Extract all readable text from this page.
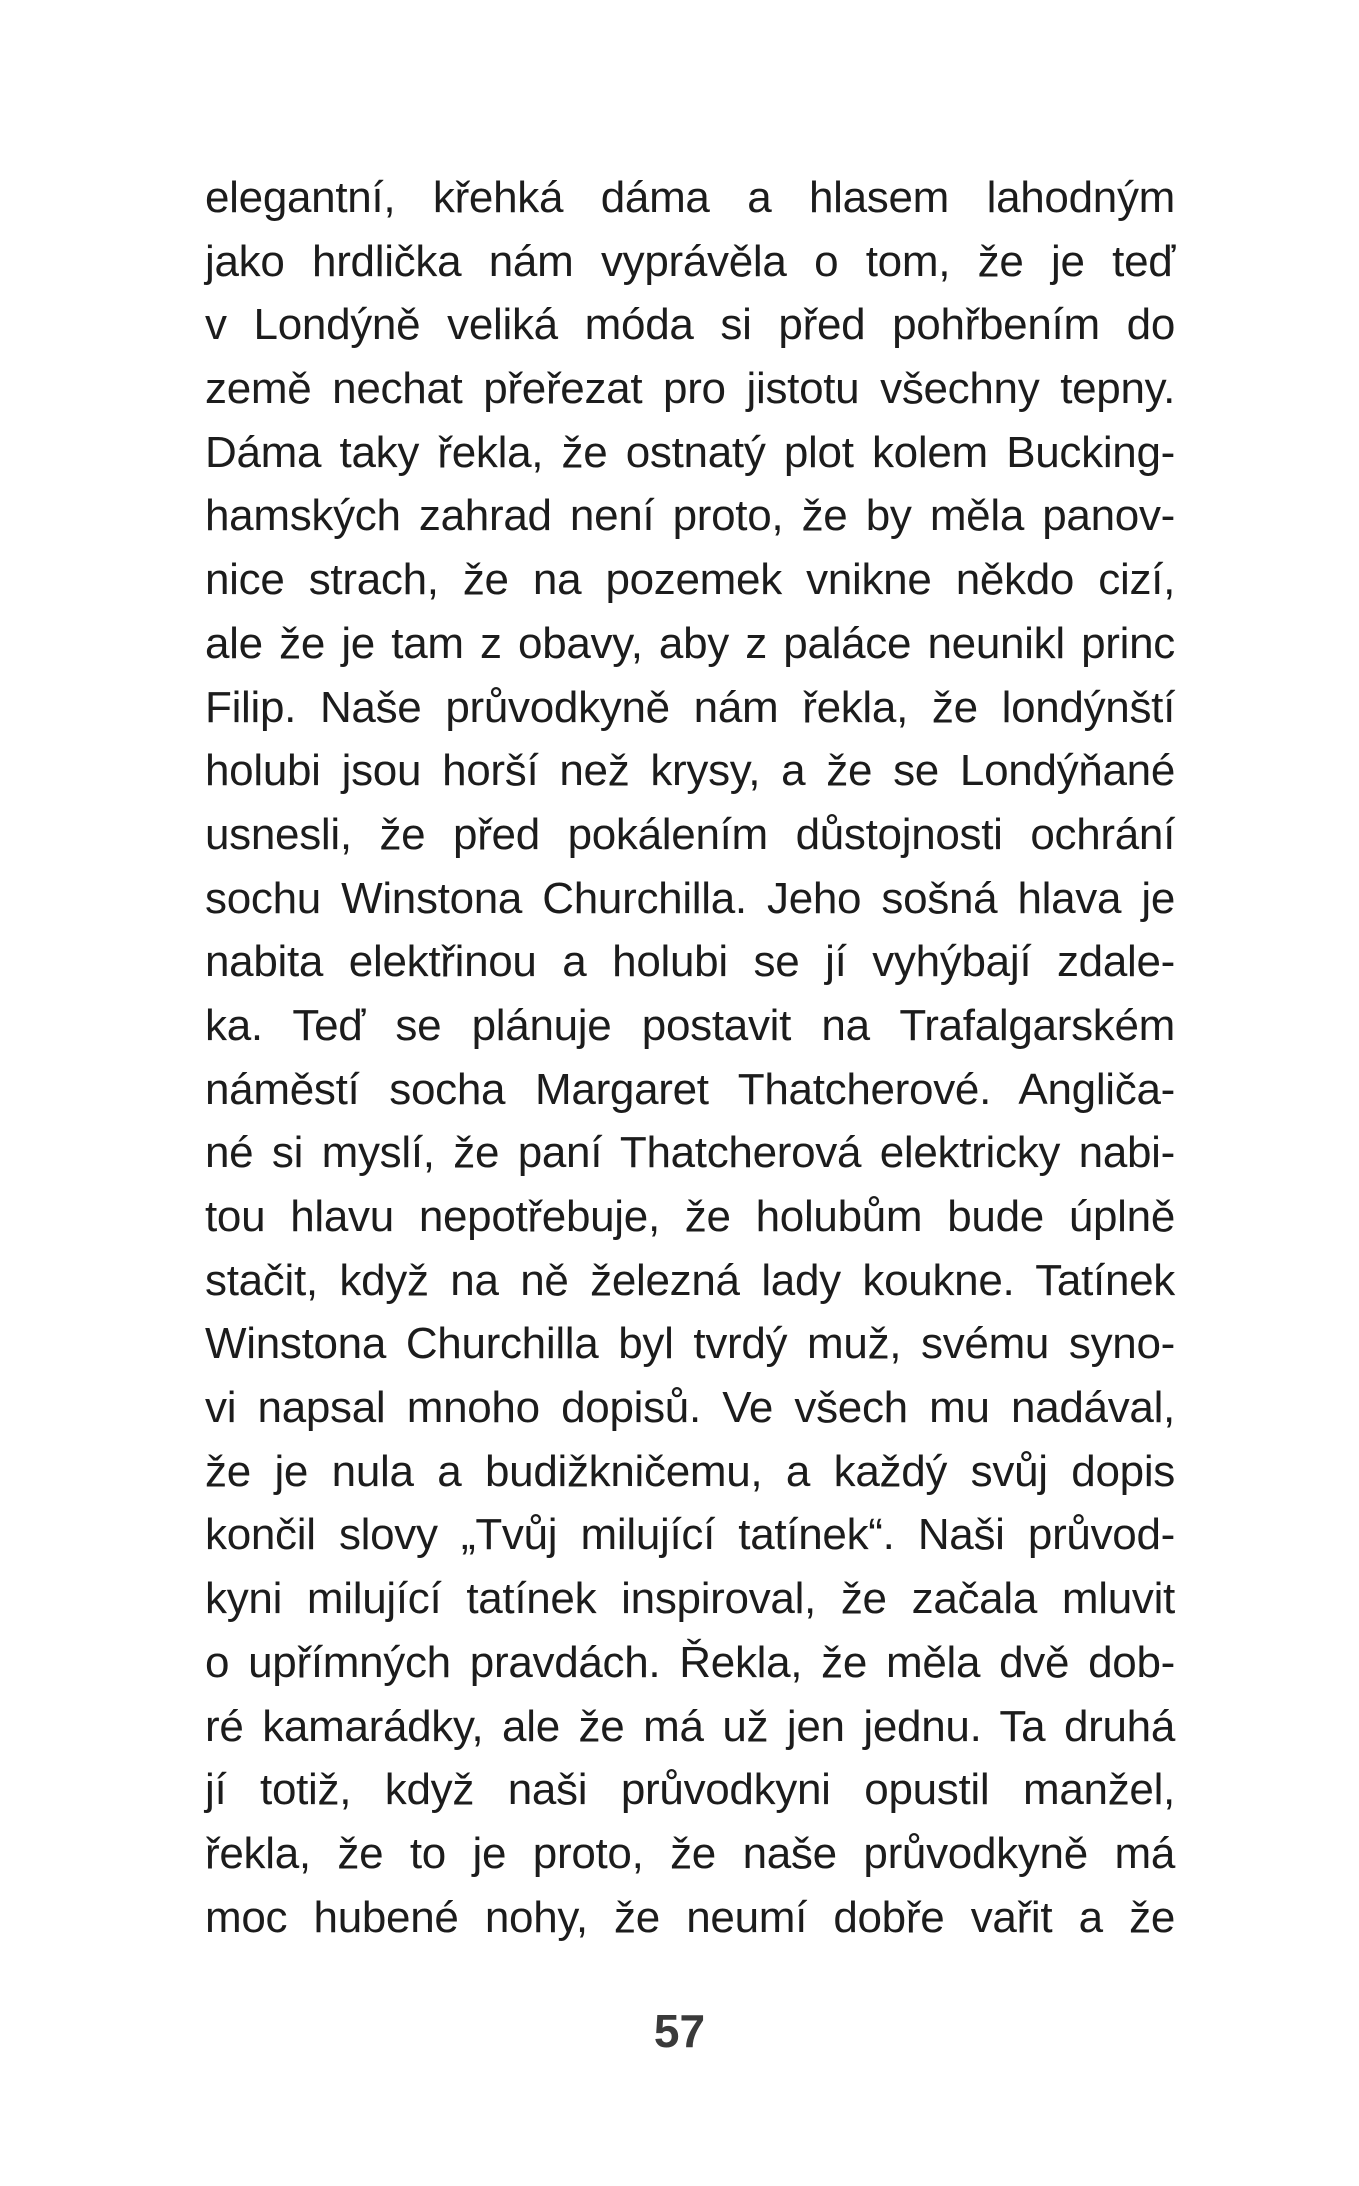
elegantní, křehká dáma a hlasem lahodným
jako hrdlička nám vyprávěla o tom, že je teď
v Londýně veliká móda si před pohřbením do
země nechat přeřezat pro jistotu všechny tepny.
Dáma taky řekla, že ostnatý plot kolem Bucking-
hamských zahrad není proto, že by měla panov-
nice strach, že na pozemek vnikne někdo cizí,
ale že je tam z obavy, aby z paláce neunikl princ
Filip. Naše průvodkyně nám řekla, že londýnští
holubi jsou horší než krysy, a že se Londýňané
usnesli, že před pokálením důstojnosti ochrání
sochu Winstona Churchilla. Jeho sošná hlava je
nabita elektřinou a holubi se jí vyhýbají zdale-
ka. Teď se plánuje postavit na Trafalgarském
náměstí socha Margaret Thatcherové. Angliča-
né si myslí, že paní Thatcherová elektricky nabi-
tou hlavu nepotřebuje, že holubům bude úplně
stačit, když na ně železná lady koukne. Tatínek
Winstona Churchilla byl tvrdý muž, svému syno-
vi napsal mnoho dopisů. Ve všech mu nadával,
že je nula a budižkničemu, a každý svůj dopis
končil slovy „Tvůj milující tatínek“. Naši průvod-
kyni milující tatínek inspiroval, že začala mluvit
o upřímných pravdách. Řekla, že měla dvě dob-
ré kamarádky, ale že má už jen jednu. Ta druhá
jí totiž, když naši průvodkyni opustil manžel,
řekla, že to je proto, že naše průvodkyně má
moc hubené nohy, že neumí dobře vařit a že
57
